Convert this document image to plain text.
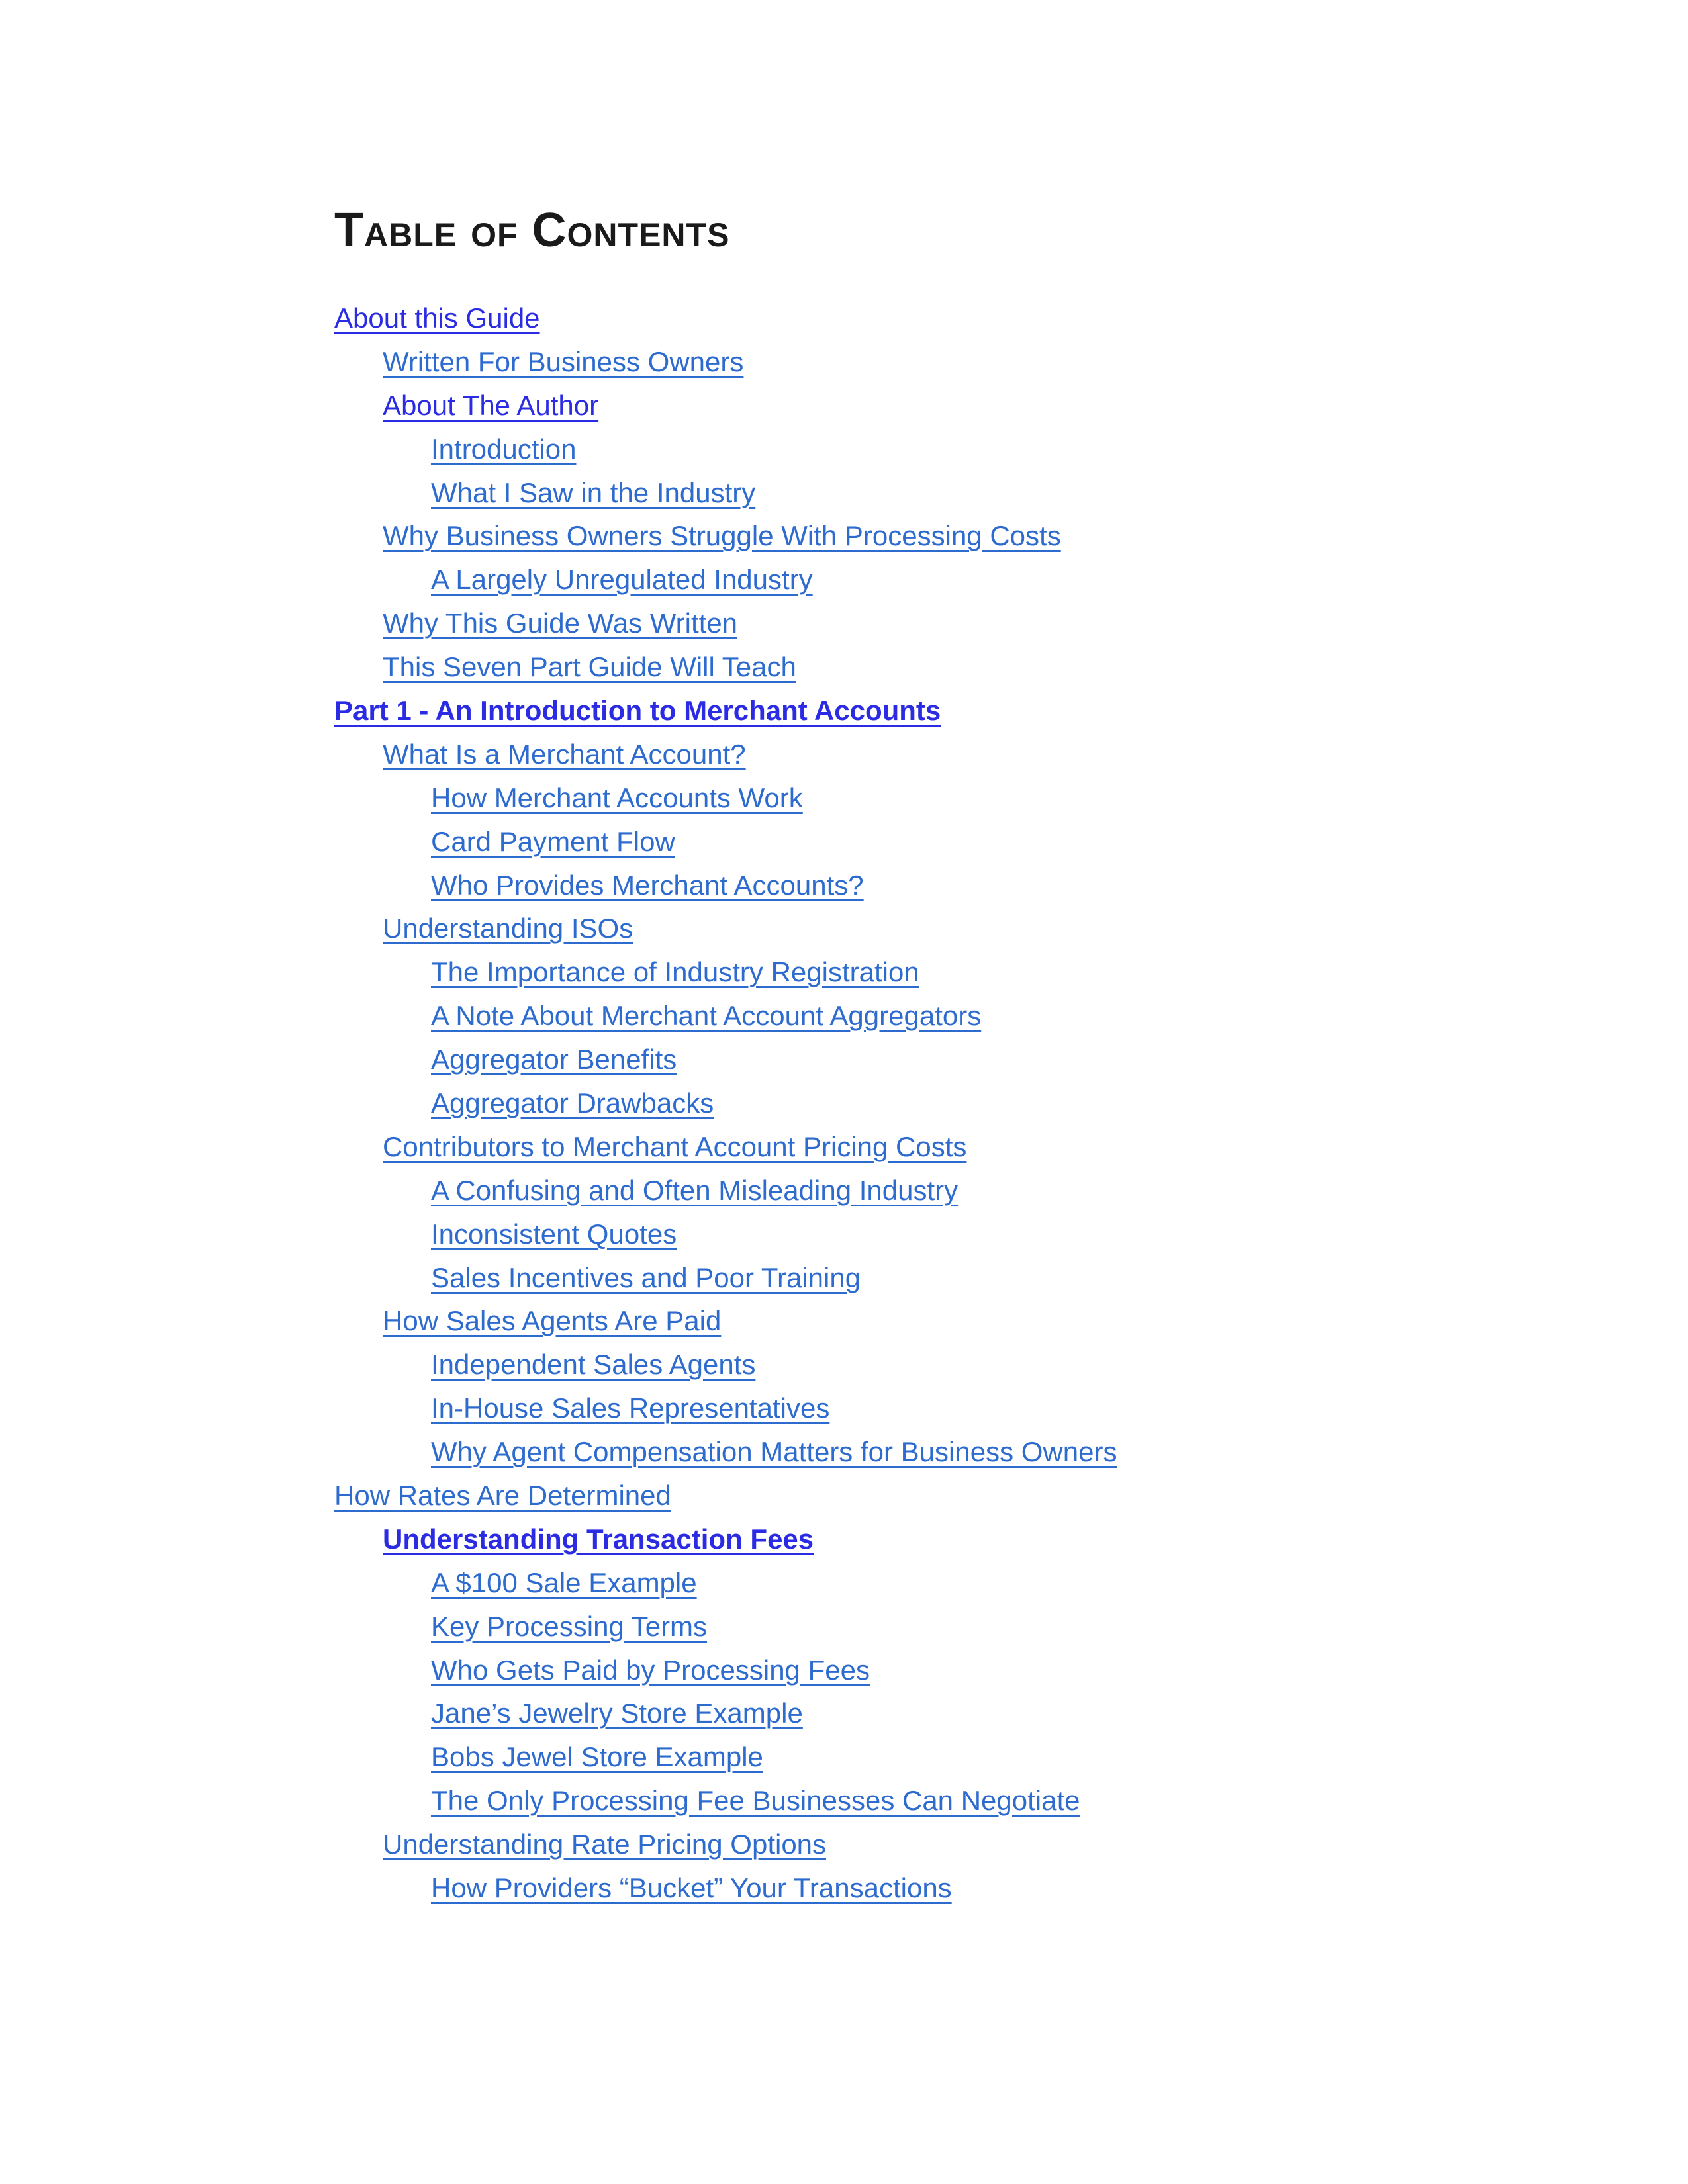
Table of Contents
About this Guide
Written For Business Owners
About The Author
Introduction
What I Saw in the Industry
Why Business Owners Struggle With Processing Costs
A Largely Unregulated Industry
Why This Guide Was Written
This Seven Part Guide Will Teach
Part 1 - An Introduction to Merchant Accounts
What Is a Merchant Account?
How Merchant Accounts Work
Card Payment Flow
Who Provides Merchant Accounts?
Understanding ISOs
The Importance of Industry Registration
A Note About Merchant Account Aggregators
Aggregator Benefits
Aggregator Drawbacks
Contributors to Merchant Account Pricing Costs
A Confusing and Often Misleading Industry
Inconsistent Quotes
Sales Incentives and Poor Training
How Sales Agents Are Paid
Independent Sales Agents
In-House Sales Representatives
Why Agent Compensation Matters for Business Owners
How Rates Are Determined
Understanding Transaction Fees
A $100 Sale Example
Key Processing Terms
Who Gets Paid by Processing Fees
Jane’s Jewelry Store Example
Bobs Jewel Store Example
The Only Processing Fee Businesses Can Negotiate
Understanding Rate Pricing Options
How Providers “Bucket” Your Transactions
